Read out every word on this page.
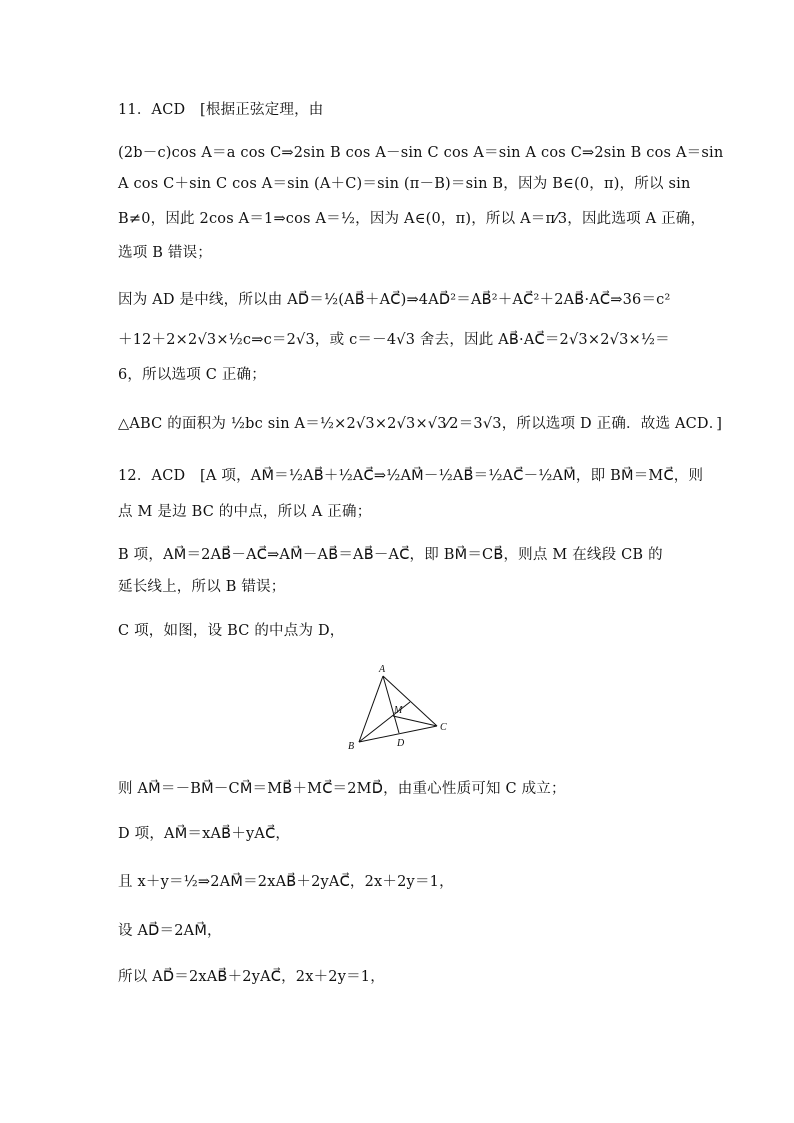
11．ACD　[根据正弦定理，由
(2b－c)cos A＝a cos C⇒2sin B cos A－sin C cos A＝sin A cos C⇒2sin B cos A＝sin
A cos C＋sin C cos A＝sin (A＋C)＝sin (π－B)＝sin B，因为 B∈(0，π)，所以 sin
B≠0，因此 2cos A＝1⇒cos A＝½，因为 A∈(0，π)，所以 A＝π⁄3，因此选项 A 正确，
选项 B 错误；
因为 AD 是中线，所以由 AD⃗＝½(AB⃗＋AC⃗)⇒4AD⃗²＝AB⃗²＋AC⃗²＋2AB⃗·AC⃗⇒36＝c²
＋12＋2×2√3×½c⇒c＝2√3，或 c＝－4√3 舍去，因此 AB⃗·AC⃗＝2√3×2√3×½＝
6，所以选项 C 正确；
△ABC 的面积为 ½bc sin A＝½×2√3×2√3×√3⁄2＝3√3，所以选项 D 正确．故选 ACD．]
12．ACD　[A 项，AM⃗＝½AB⃗＋½AC⃗⇒½AM⃗－½AB⃗＝½AC⃗－½AM⃗，即 BM⃗＝MC⃗，则
点 M 是边 BC 的中点，所以 A 正确；
B 项，AM⃗＝2AB⃗－AC⃗⇒AM⃗－AB⃗＝AB⃗－AC⃗，即 BM⃗＝CB⃗，则点 M 在线段 CB 的
延长线上，所以 B 错误；
C 项，如图，设 BC 的中点为 D，
A
B
C
D
M
则 AM⃗＝－BM⃗－CM⃗＝MB⃗＋MC⃗＝2MD⃗，由重心性质可知 C 成立；
D 项，AM⃗＝xAB⃗＋yAC⃗，
且 x＋y＝½⇒2AM⃗＝2xAB⃗＋2yAC⃗，2x＋2y＝1，
设 AD⃗＝2AM⃗，
所以 AD⃗＝2xAB⃗＋2yAC⃗，2x＋2y＝1，
